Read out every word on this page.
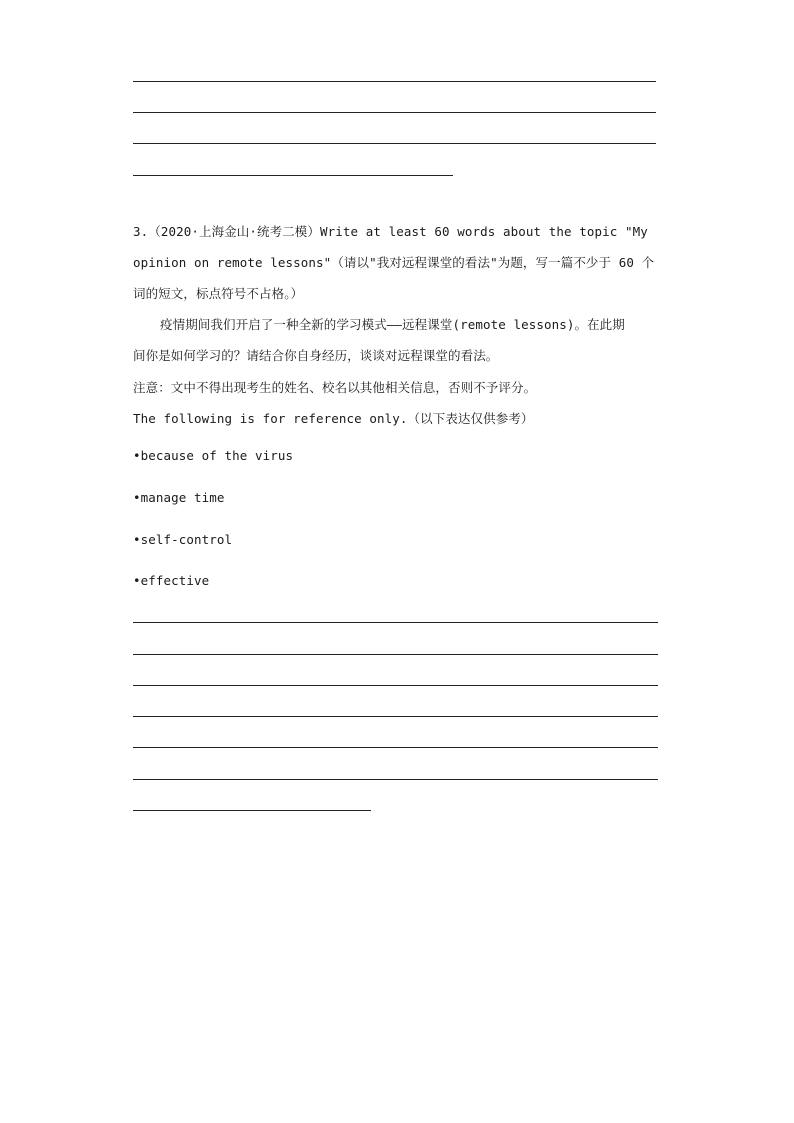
3.（2020·上海金山·统考二模）Write at least 60 words about the topic "My
opinion on remote lessons"（请以"我对远程课堂的看法"为题，写一篇不少于 60 个
词的短文，标点符号不占格。）
疫情期间我们开启了一种全新的学习模式——远程课堂(remote lessons)。在此期
间你是如何学习的？请结合你自身经历，谈谈对远程课堂的看法。
注意：文中不得出现考生的姓名、校名以其他相关信息，否则不予评分。
The following is for reference only.（以下表达仅供参考）
•because of the virus
•manage time
•self-control
•effective
